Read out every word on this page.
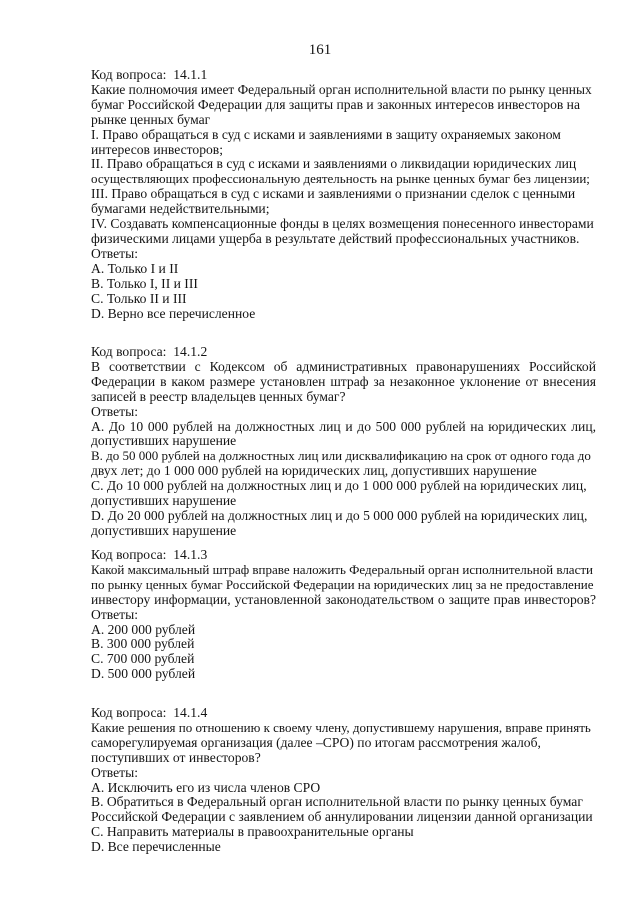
161
Код вопроса:  14.1.1
Какие полномочия имеет Федеральный орган исполнительной власти по рынку ценных
бумаг Российской Федерации для защиты прав и законных интересов инвесторов на
рынке ценных бумаг
I. Право обращаться в суд с исками и заявлениями в защиту охраняемых законом
интересов инвесторов;
II. Право обращаться в суд с исками и заявлениями о ликвидации юридических лиц
осуществляющих профессиональную деятельность на рынке ценных бумаг без лицензии;
III. Право обращаться в суд с исками и заявлениями о признании сделок с ценными
бумагами недействительными;
IV. Создавать компенсационные фонды в целях возмещения понесенного инвесторами
физическими лицами ущерба в результате действий профессиональных участников.
Ответы:
A. Только I и II
B. Только I, II и III
C. Только II и III
D. Верно все перечисленное
Код вопроса:  14.1.2
В соответствии с Кодексом об административных правонарушениях Российской
Федерации в каком размере установлен штраф за незаконное уклонение от внесения
записей в реестр владельцев ценных бумаг?
Ответы:
A. До 10 000 рублей на должностных лиц и до 500 000 рублей на юридических лиц,
допустивших нарушение
B. до 50 000 рублей на должностных лиц или дисквалификацию на срок от одного года до
двух лет; до 1 000 000 рублей на юридических лиц, допустивших нарушение
C. До 10 000 рублей на должностных лиц и до 1 000 000 рублей на юридических лиц,
допустивших нарушение
D. До 20 000 рублей на должностных лиц и до 5 000 000 рублей на юридических лиц,
допустивших нарушение
Код вопроса:  14.1.3
Какой максимальный штраф вправе наложить Федеральный орган исполнительной власти
по рынку ценных бумаг Российской Федерации на юридических лиц за не предоставление
инвестору информации, установленной законодательством о защите прав инвесторов?
Ответы:
A. 200 000 рублей
B. 300 000 рублей
C. 700 000 рублей
D. 500 000 рублей
Код вопроса:  14.1.4
Какие решения по отношению к своему члену, допустившему нарушения, вправе принять
саморегулируемая организация (далее –СРО) по итогам рассмотрения жалоб,
поступивших от инвесторов?
Ответы:
A. Исключить его из числа членов СРО
B. Обратиться в Федеральный орган исполнительной власти по рынку ценных бумаг
Российской Федерации с заявлением об аннулировании лицензии данной организации
C. Направить материалы в правоохранительные органы
D. Все перечисленные
